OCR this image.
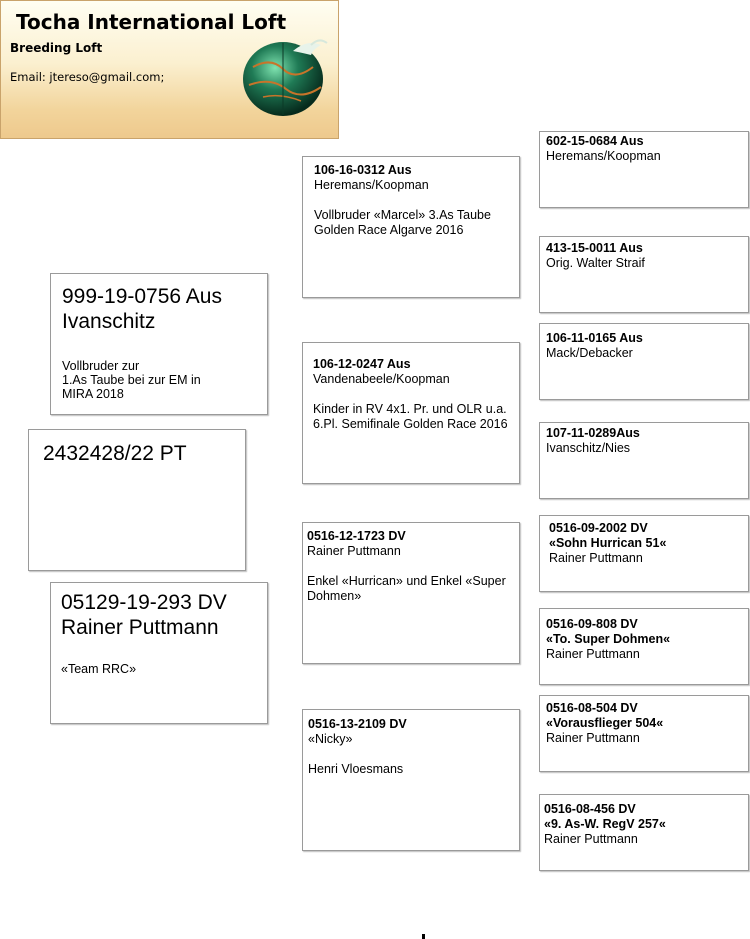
Tocha International Loft
Breeding Loft
Email: jtereso@gmail.com;
2432428/22 PT
999-19-0756 Aus
Ivanschitz
Vollbruder zur
1.As Taube bei zur EM in
MIRA 2018
05129-19-293 DV
Rainer Puttmann
«Team RRC»
106-16-0312 Aus
Heremans/Koopman
Vollbruder «Marcel» 3.As Taube
Golden Race Algarve 2016
106-12-0247 Aus
Vandenabeele/Koopman
Kinder in RV 4x1. Pr. und OLR u.a.
6.Pl. Semifinale Golden Race 2016
0516-12-1723 DV
Rainer Puttmann
Enkel «Hurrican» und Enkel «Super
Dohmen»
0516-13-2109 DV
«Nicky»
Henri Vloesmans
602-15-0684 Aus
Heremans/Koopman
413-15-0011 Aus
Orig. Walter Straif
106-11-0165 Aus
Mack/Debacker
107-11-0289Aus
Ivanschitz/Nies
0516-09-2002 DV
«Sohn Hurrican 51«
Rainer Puttmann
0516-09-808 DV
«To. Super Dohmen«
Rainer Puttmann
0516-08-504 DV
«Vorausflieger 504«
Rainer Puttmann
0516-08-456 DV
«9. As-W. RegV 257«
Rainer Puttmann
